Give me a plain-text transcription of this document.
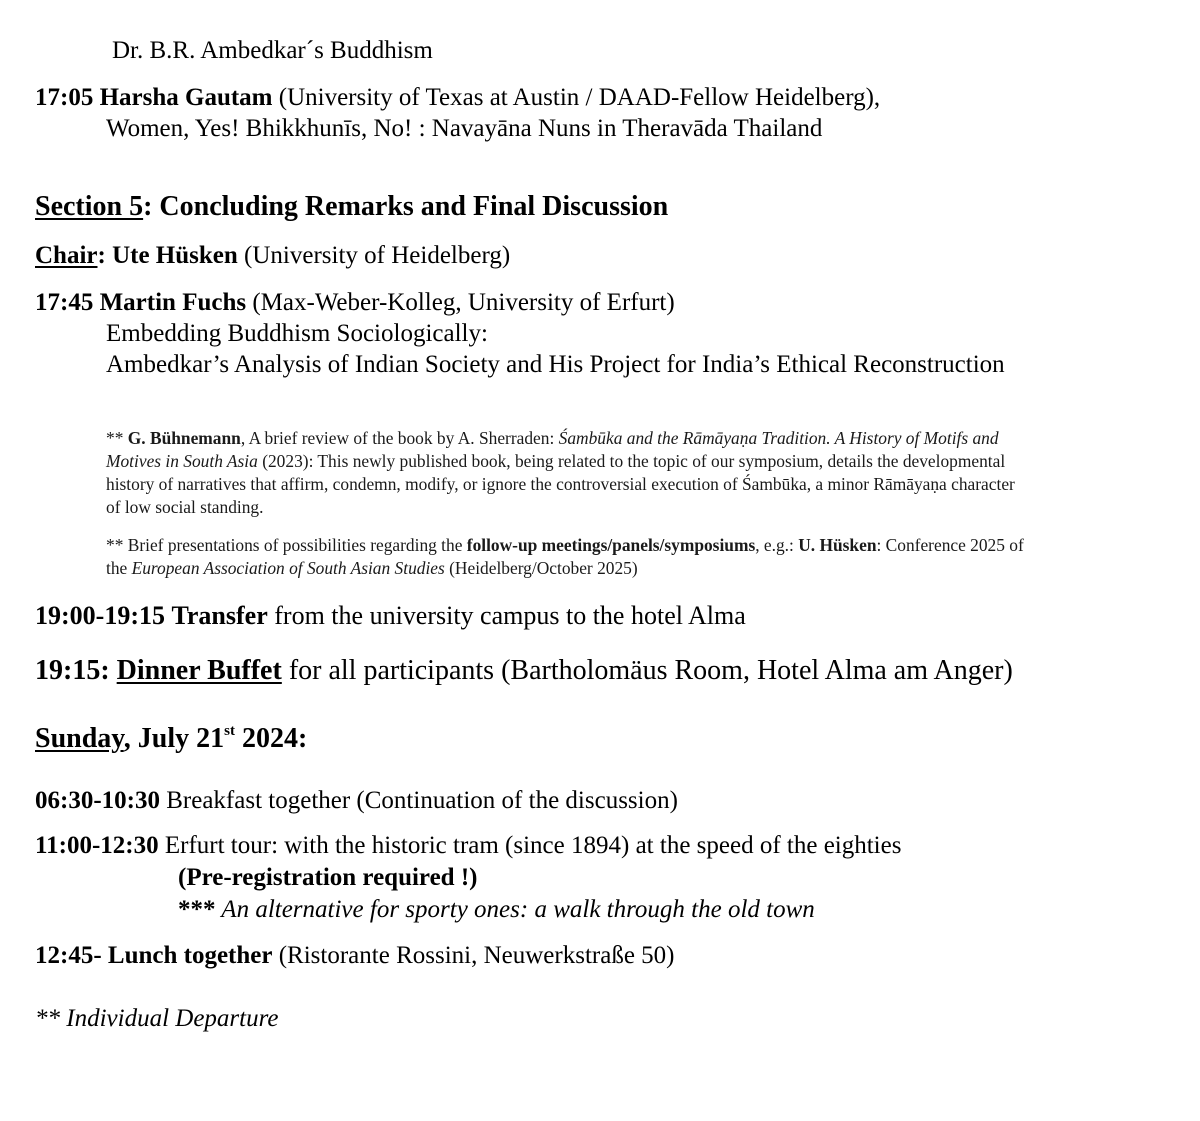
Dr. B.R. Ambedkar´s Buddhism
17:05 Harsha Gautam (University of Texas at Austin / DAAD-Fellow Heidelberg),
Women, Yes! Bhikkhunīs, No! : Navayāna Nuns in Theravāda Thailand
Section 5: Concluding Remarks and Final Discussion
Chair: Ute Hüsken (University of Heidelberg)
17:45 Martin Fuchs (Max-Weber-Kolleg, University of Erfurt)
Embedding Buddhism Sociologically:
Ambedkar’s Analysis of Indian Society and His Project for India’s Ethical Reconstruction
** G. Bühnemann, A brief review of the book by A. Sherraden: Śambūka and the Rāmāyaṇa Tradition. A History of Motifs and
Motives in South Asia (2023): This newly published book, being related to the topic of our symposium, details the developmental
history of narratives that affirm, condemn, modify, or ignore the controversial execution of Śambūka, a minor Rāmāyaṇa character
of low social standing.
** Brief presentations of possibilities regarding the follow-up meetings/panels/symposiums, e.g.: U. Hüsken: Conference 2025 of
the European Association of South Asian Studies (Heidelberg/October 2025)
19:00-19:15 Transfer from the university campus to the hotel Alma
19:15: Dinner Buffet for all participants (Bartholomäus Room, Hotel Alma am Anger)
Sunday, July 21st 2024:
06:30-10:30 Breakfast together (Continuation of the discussion)
11:00-12:30 Erfurt tour: with the historic tram (since 1894) at the speed of the eighties
(Pre-registration required !)
*** An alternative for sporty ones: a walk through the old town
12:45- Lunch together (Ristorante Rossini, Neuwerkstraße 50)
** Individual Departure
